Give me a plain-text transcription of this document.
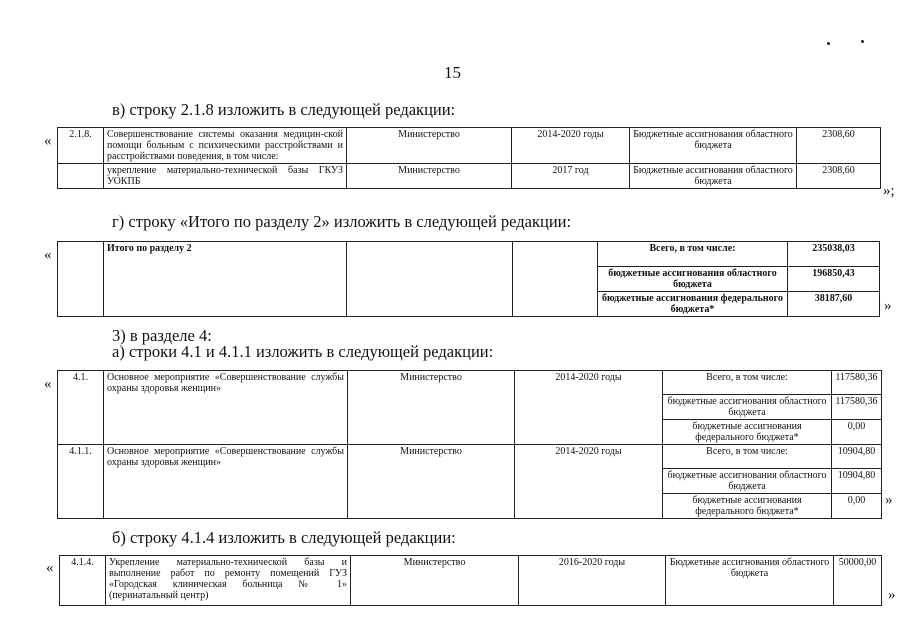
15
в) строку 2.1.8 изложить в следующей редакции:
« 2.1.8.	Совершенствование системы оказания медицин-ской помощи больным с психическими расстройствами и расстройствами поведения, в том числе:	Министерство	2014-2020 годы	Бюджетные ассигнования областного бюджета	2308,60
	укрепление материально-технической базы ГКУЗ УОКПБ	Министерство	2017 год	Бюджетные ассигнования областного бюджета	2308,60
»;
г) строку «Итого по разделу 2» изложить в следующей редакции:
«
		Итого по разделу 2			Всего, в том числе:	235038,03
				бюджетные ассигнования областного бюджета	196850,43
				бюджетные ассигнования федерального бюджета*	38187,60 »
3) в разделе 4:
а) строки 4.1 и 4.1.1 изложить в следующей редакции:
« 4.1.	Основное мероприятие «Совершенствование службы охраны здоровья женщин»	Министерство	2014-2020 годы	Всего, в том числе:	117580,36
				бюджетные ассигнования областного бюджета	117580,36
				бюджетные ассигнования федерального бюджета*	0,00
4.1.1.	Основное мероприятие «Совершенствование службы охраны здоровья женщин»	Министерство	2014-2020 годы	Всего, в том числе:	10904,80
				бюджетные ассигнования областного бюджета	10904,80
				бюджетные ассигнования федерального бюджета*	0,00 »
б) строку 4.1.4 изложить в следующей редакции:
« 4.1.4.	Укрепление материально-технической базы и выполнение работ по ремонту помещений ГУЗ «Городская клиническая больница № 1» (перинатальный центр)	Министерство	2016-2020 годы	Бюджетные ассигнования областного бюджета	50000,00
»
